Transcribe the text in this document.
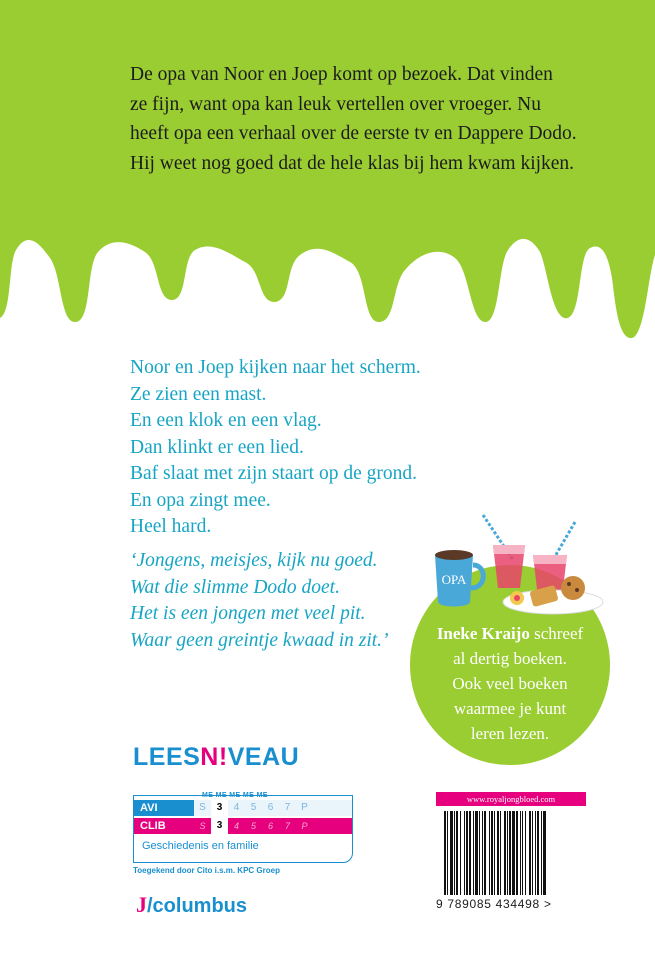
De opa van Noor en Joep komt op bezoek. Dat vinden
ze fijn, want opa kan leuk vertellen over vroeger. Nu
heeft opa een verhaal over de eerste tv en Dappere Dodo.
Hij weet nog goed dat de hele klas bij hem kwam kijken.
Noor en Joep kijken naar het scherm.
Ze zien een mast.
En een klok en een vlag.
Dan klinkt er een lied.
Baf slaat met zijn staart op de grond.
En opa zingt mee.
Heel hard.
‘Jongens, meisjes, kijk nu goed.
Wat die slimme Dodo doet.
Het is een jongen met veel pit.
Waar geen greintje kwaad in zit.’	Ineke Kraijo schreef
al dertig boeken.
Ook veel boeken
waarmee je kunt
leren lezen.
OPA
LEESN!VEAU
ME ME ME ME ME
AVI	S	3	4	5	6	7	P
CLIB	S	3	4	5	6	7	P
Geschiedenis en familie
Toegekend door Cito i.s.m. KPC Groep
J/columbus
www.royaljongbloed.com
9 789085 434498 >
